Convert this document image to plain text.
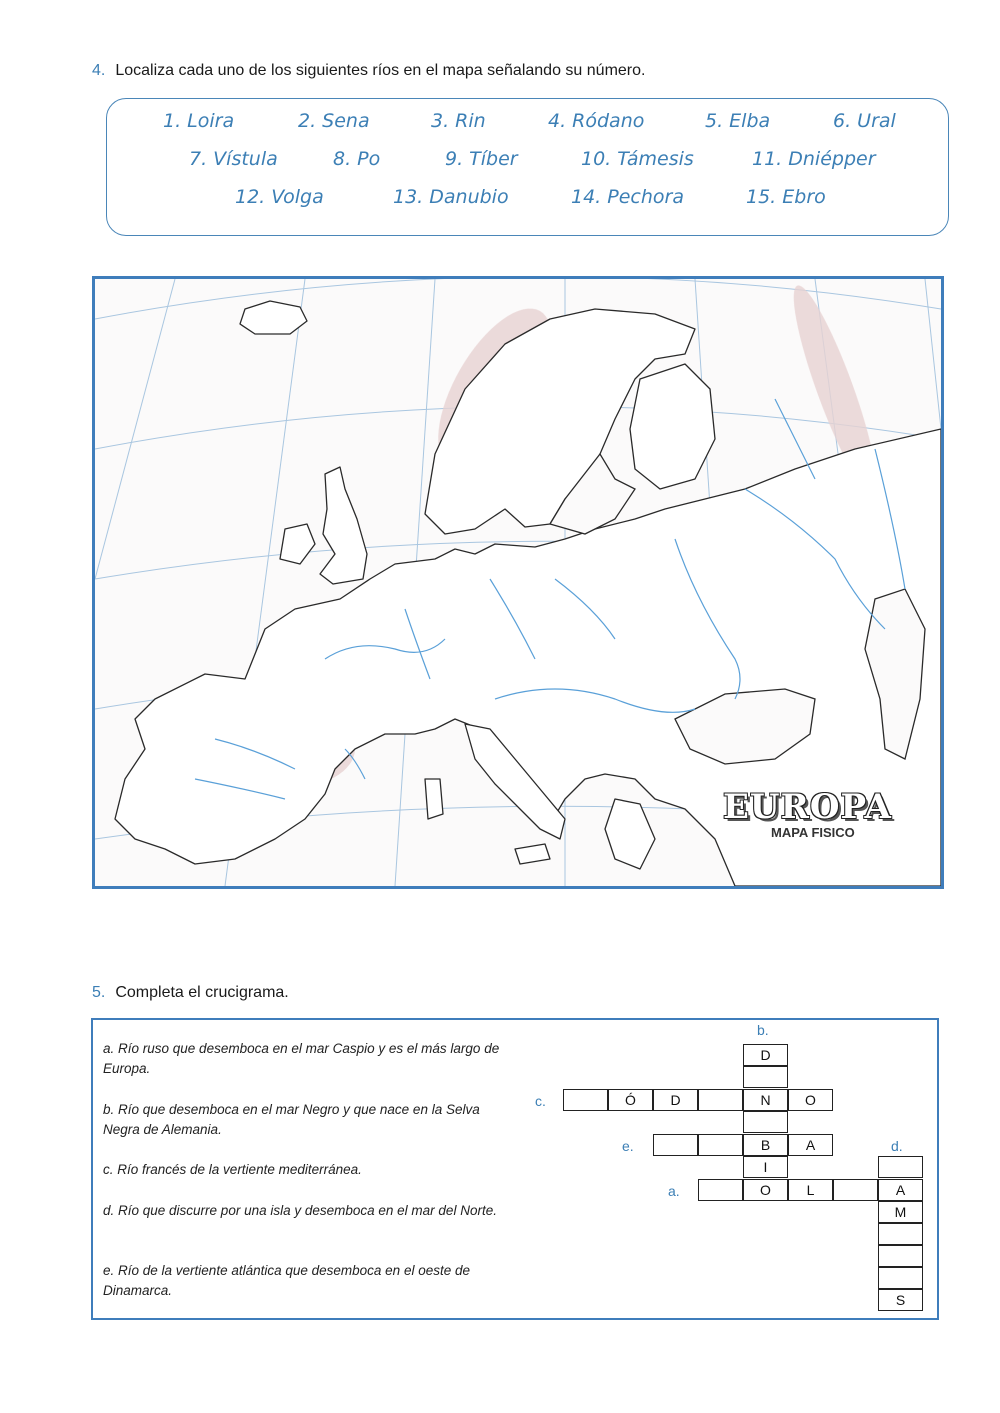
4. Localiza cada uno de los siguientes ríos en el mapa señalando su número.
1. Loira	2. Sena	3. Rin	4. Ródano	5. Elba	6. Ural
7. Vístula	8. Po	9. Tíber	10. Támesis	11. Dniépper
12. Volga	13. Danubio	14. Pechora	15. Ebro
EUROPA
MAPA FISICO
5. Completa el crucigrama.
a. Río ruso que desemboca en el mar Caspio y es el más largo de Europa.
b. Río que desemboca en el mar Negro y que nace en la Selva Negra de Alemania.
c. Río francés de la vertiente mediterránea.
d. Río que discurre por una isla y desemboca en el mar del Norte.
e. Río de la vertiente atlántica que desemboca en el oeste de Dinamarca.
b.
c.
e.	d.
a.
D
B
I
Ó	D	N	O
A
O	L	A
M
S
